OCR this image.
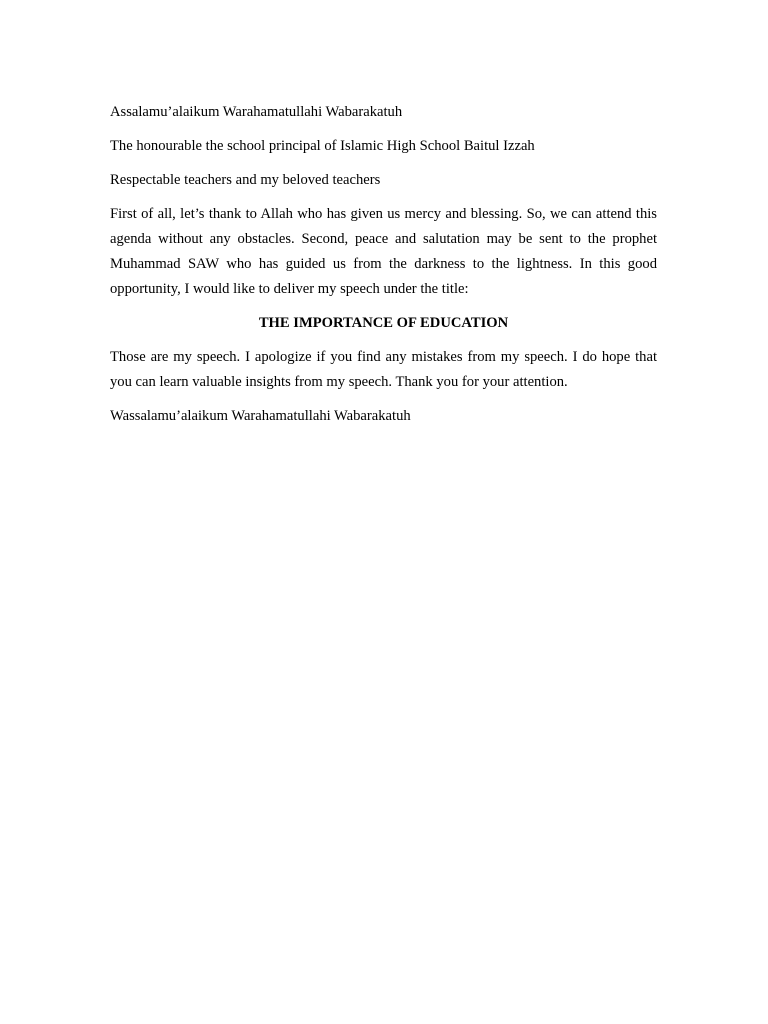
Assalamu’alaikum Warahamatullahi Wabarakatuh

The honourable the school principal of Islamic High School Baitul Izzah

Respectable teachers and my beloved teachers

First of all, let’s thank to Allah who has given us mercy and blessing. So, we can attend this agenda without any obstacles. Second, peace and salutation may be sent to the prophet Muhammad SAW who has guided us from the darkness to the lightness. In this good opportunity, I would like to deliver my speech under the title:

THE IMPORTANCE OF EDUCATION

Those are my speech. I apologize if you find any mistakes from my speech. I do hope that you can learn valuable insights from my speech. Thank you for your attention.

Wassalamu’alaikum Warahamatullahi Wabarakatuh
